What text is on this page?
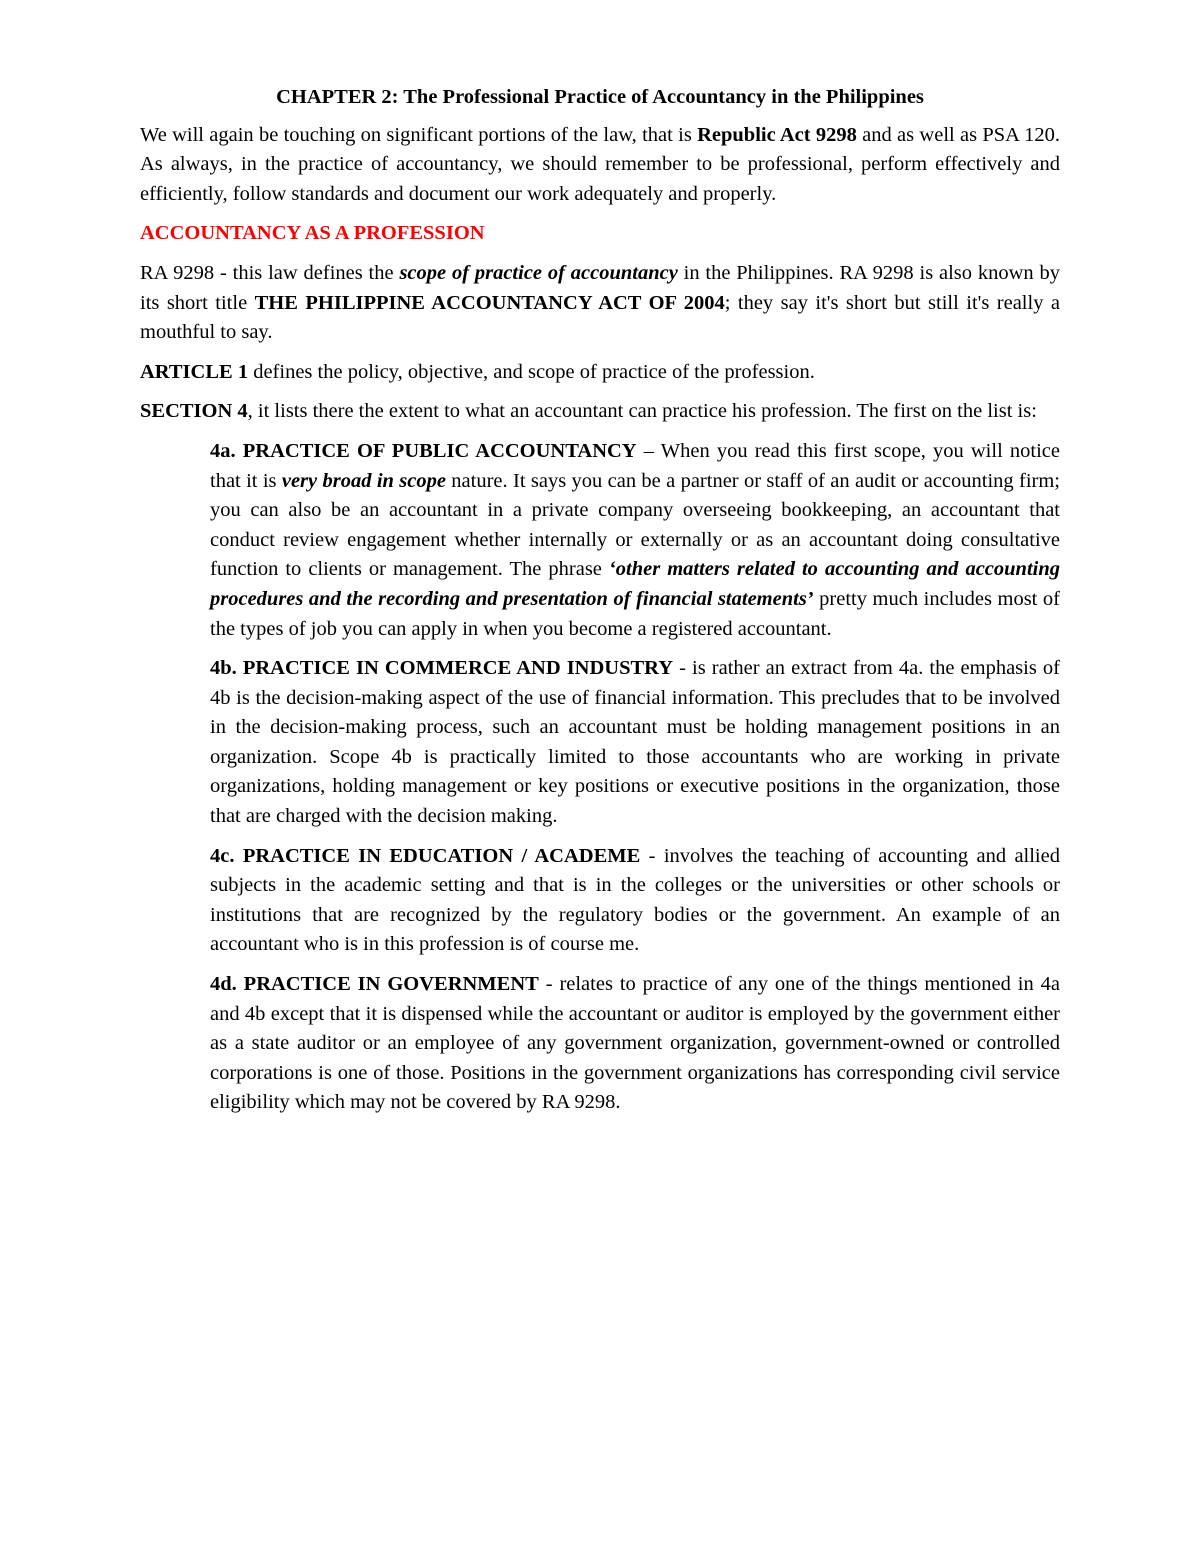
CHAPTER 2: The Professional Practice of Accountancy in the Philippines

We will again be touching on significant portions of the law, that is Republic Act 9298 and as well as PSA 120. As always, in the practice of accountancy, we should remember to be professional, perform effectively and efficiently, follow standards and document our work adequately and properly.

ACCOUNTANCY AS A PROFESSION

RA 9298 - this law defines the scope of practice of accountancy in the Philippines. RA 9298 is also known by its short title THE PHILIPPINE ACCOUNTANCY ACT OF 2004; they say it's short but still it's really a mouthful to say.

ARTICLE 1 defines the policy, objective, and scope of practice of the profession.

SECTION 4, it lists there the extent to what an accountant can practice his profession. The first on the list is:

4a. PRACTICE OF PUBLIC ACCOUNTANCY – When you read this first scope, you will notice that it is very broad in scope nature. It says you can be a partner or staff of an audit or accounting firm; you can also be an accountant in a private company overseeing bookkeeping, an accountant that conduct review engagement whether internally or externally or as an accountant doing consultative function to clients or management. The phrase ‘other matters related to accounting and accounting procedures and the recording and presentation of financial statements’ pretty much includes most of the types of job you can apply in when you become a registered accountant.

4b. PRACTICE IN COMMERCE AND INDUSTRY - is rather an extract from 4a. the emphasis of 4b is the decision-making aspect of the use of financial information. This precludes that to be involved in the decision-making process, such an accountant must be holding management positions in an organization. Scope 4b is practically limited to those accountants who are working in private organizations, holding management or key positions or executive positions in the organization, those that are charged with the decision making.

4c. PRACTICE IN EDUCATION / ACADEME - involves the teaching of accounting and allied subjects in the academic setting and that is in the colleges or the universities or other schools or institutions that are recognized by the regulatory bodies or the government. An example of an accountant who is in this profession is of course me.

4d. PRACTICE IN GOVERNMENT - relates to practice of any one of the things mentioned in 4a and 4b except that it is dispensed while the accountant or auditor is employed by the government either as a state auditor or an employee of any government organization, government-owned or controlled corporations is one of those. Positions in the government organizations has corresponding civil service eligibility which may not be covered by RA 9298.
